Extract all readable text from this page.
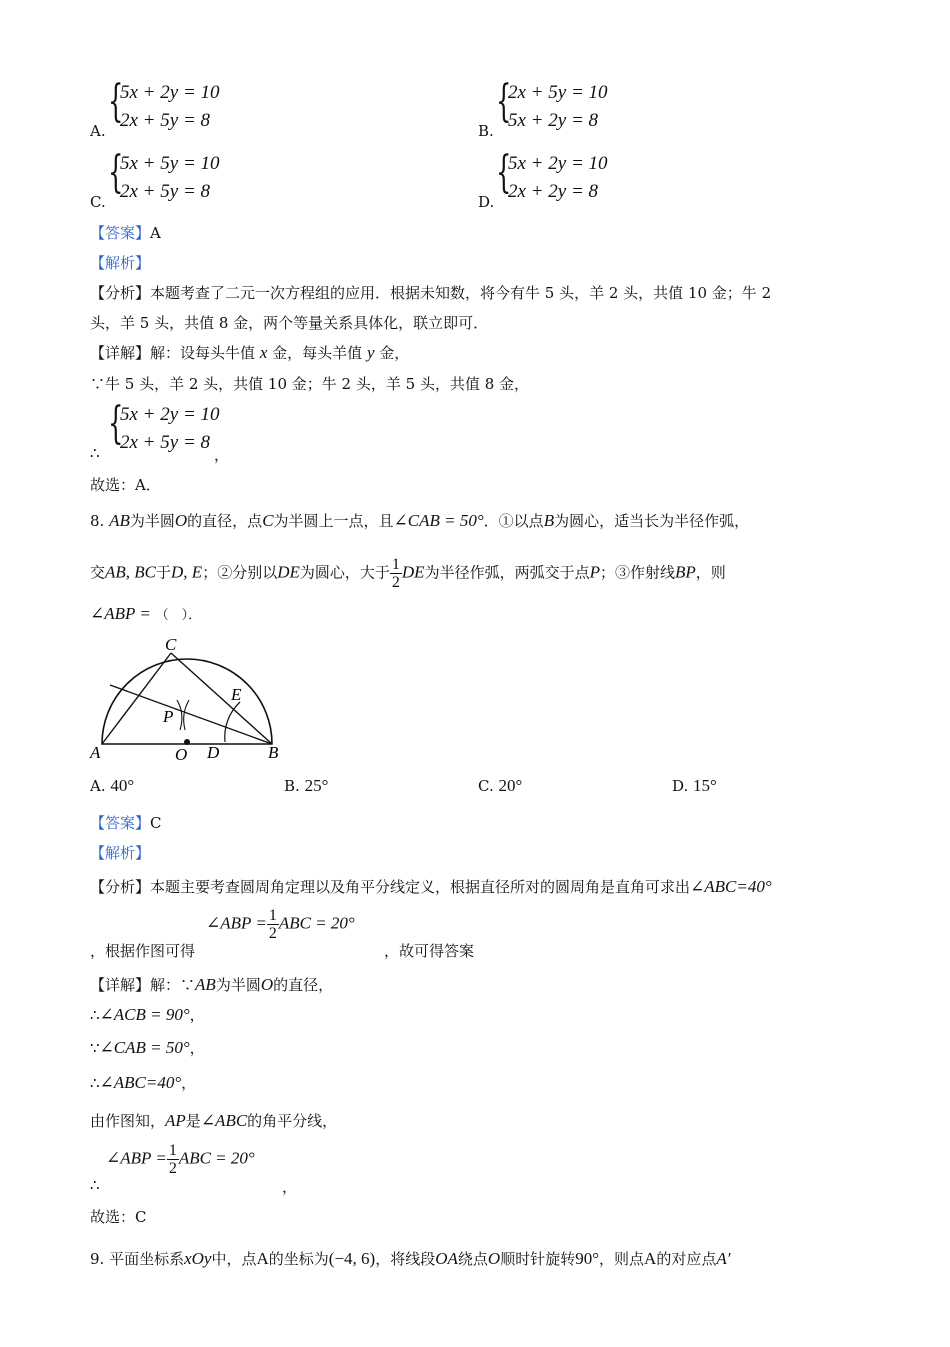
A.
{
5x + 2y = 10
2x + 5y = 8	B.
{
2x + 5y = 10
5x + 2y = 8
C.
{
5x + 5y = 10
2x + 5y = 8	D.
{
5x + 2y = 10
2x + 2y = 8
【答案】A
【解析】
【分析】本题考查了二元一次方程组的应用．根据未知数，将今有牛 5 头，羊 2 头，共值 10 金；牛 2
头，羊 5 头，共值 8 金，两个等量关系具体化，联立即可．
【详解】解：设每头牛值 x 金，每头羊值 y 金，
∵牛 5 头，羊 2 头，共值 10 金；牛 2 头，羊 5 头，共值 8 金，
∴
{
5x + 2y = 10
2x + 5y = 8
，
故选：A．
8. AB为半圆O的直径，点C为半圆上一点，且∠CAB = 50°．①以点B为圆心，适当长为半径作弧，
交AB, BC于D, E；②分别以DE为圆心，大于 $\frac{1}{2}$ DE为半径作弧，两弧交于点P；③作射线BP，则
∠ABP = （　）．
C
E
P
A	O D	B
A. 40°	B. 25°	C. 20°	D. 15°
【答案】C
【解析】
【分析】本题主要考查圆周角定理以及角平分线定义，根据直径所对的圆周角是直角可求出∠ABC=40°
∠ABP = $\frac{1}{2}$ ABC = 20°
，根据作图可得	，故可得答案
【详解】解：∵AB为半圆O的直径，
∴∠ACB = 90°，
∵∠CAB = 50°，
∴∠ABC=40°，
由作图知，AP是∠ABC的角平分线，
∴
∠ABP = $\frac{1}{2}$ ABC = 20°
，
故选：C
9. 平面坐标系xOy中，点A的坐标为(−4, 6)，将线段OA绕点O顺时针旋转90°，则点A的对应点A′
